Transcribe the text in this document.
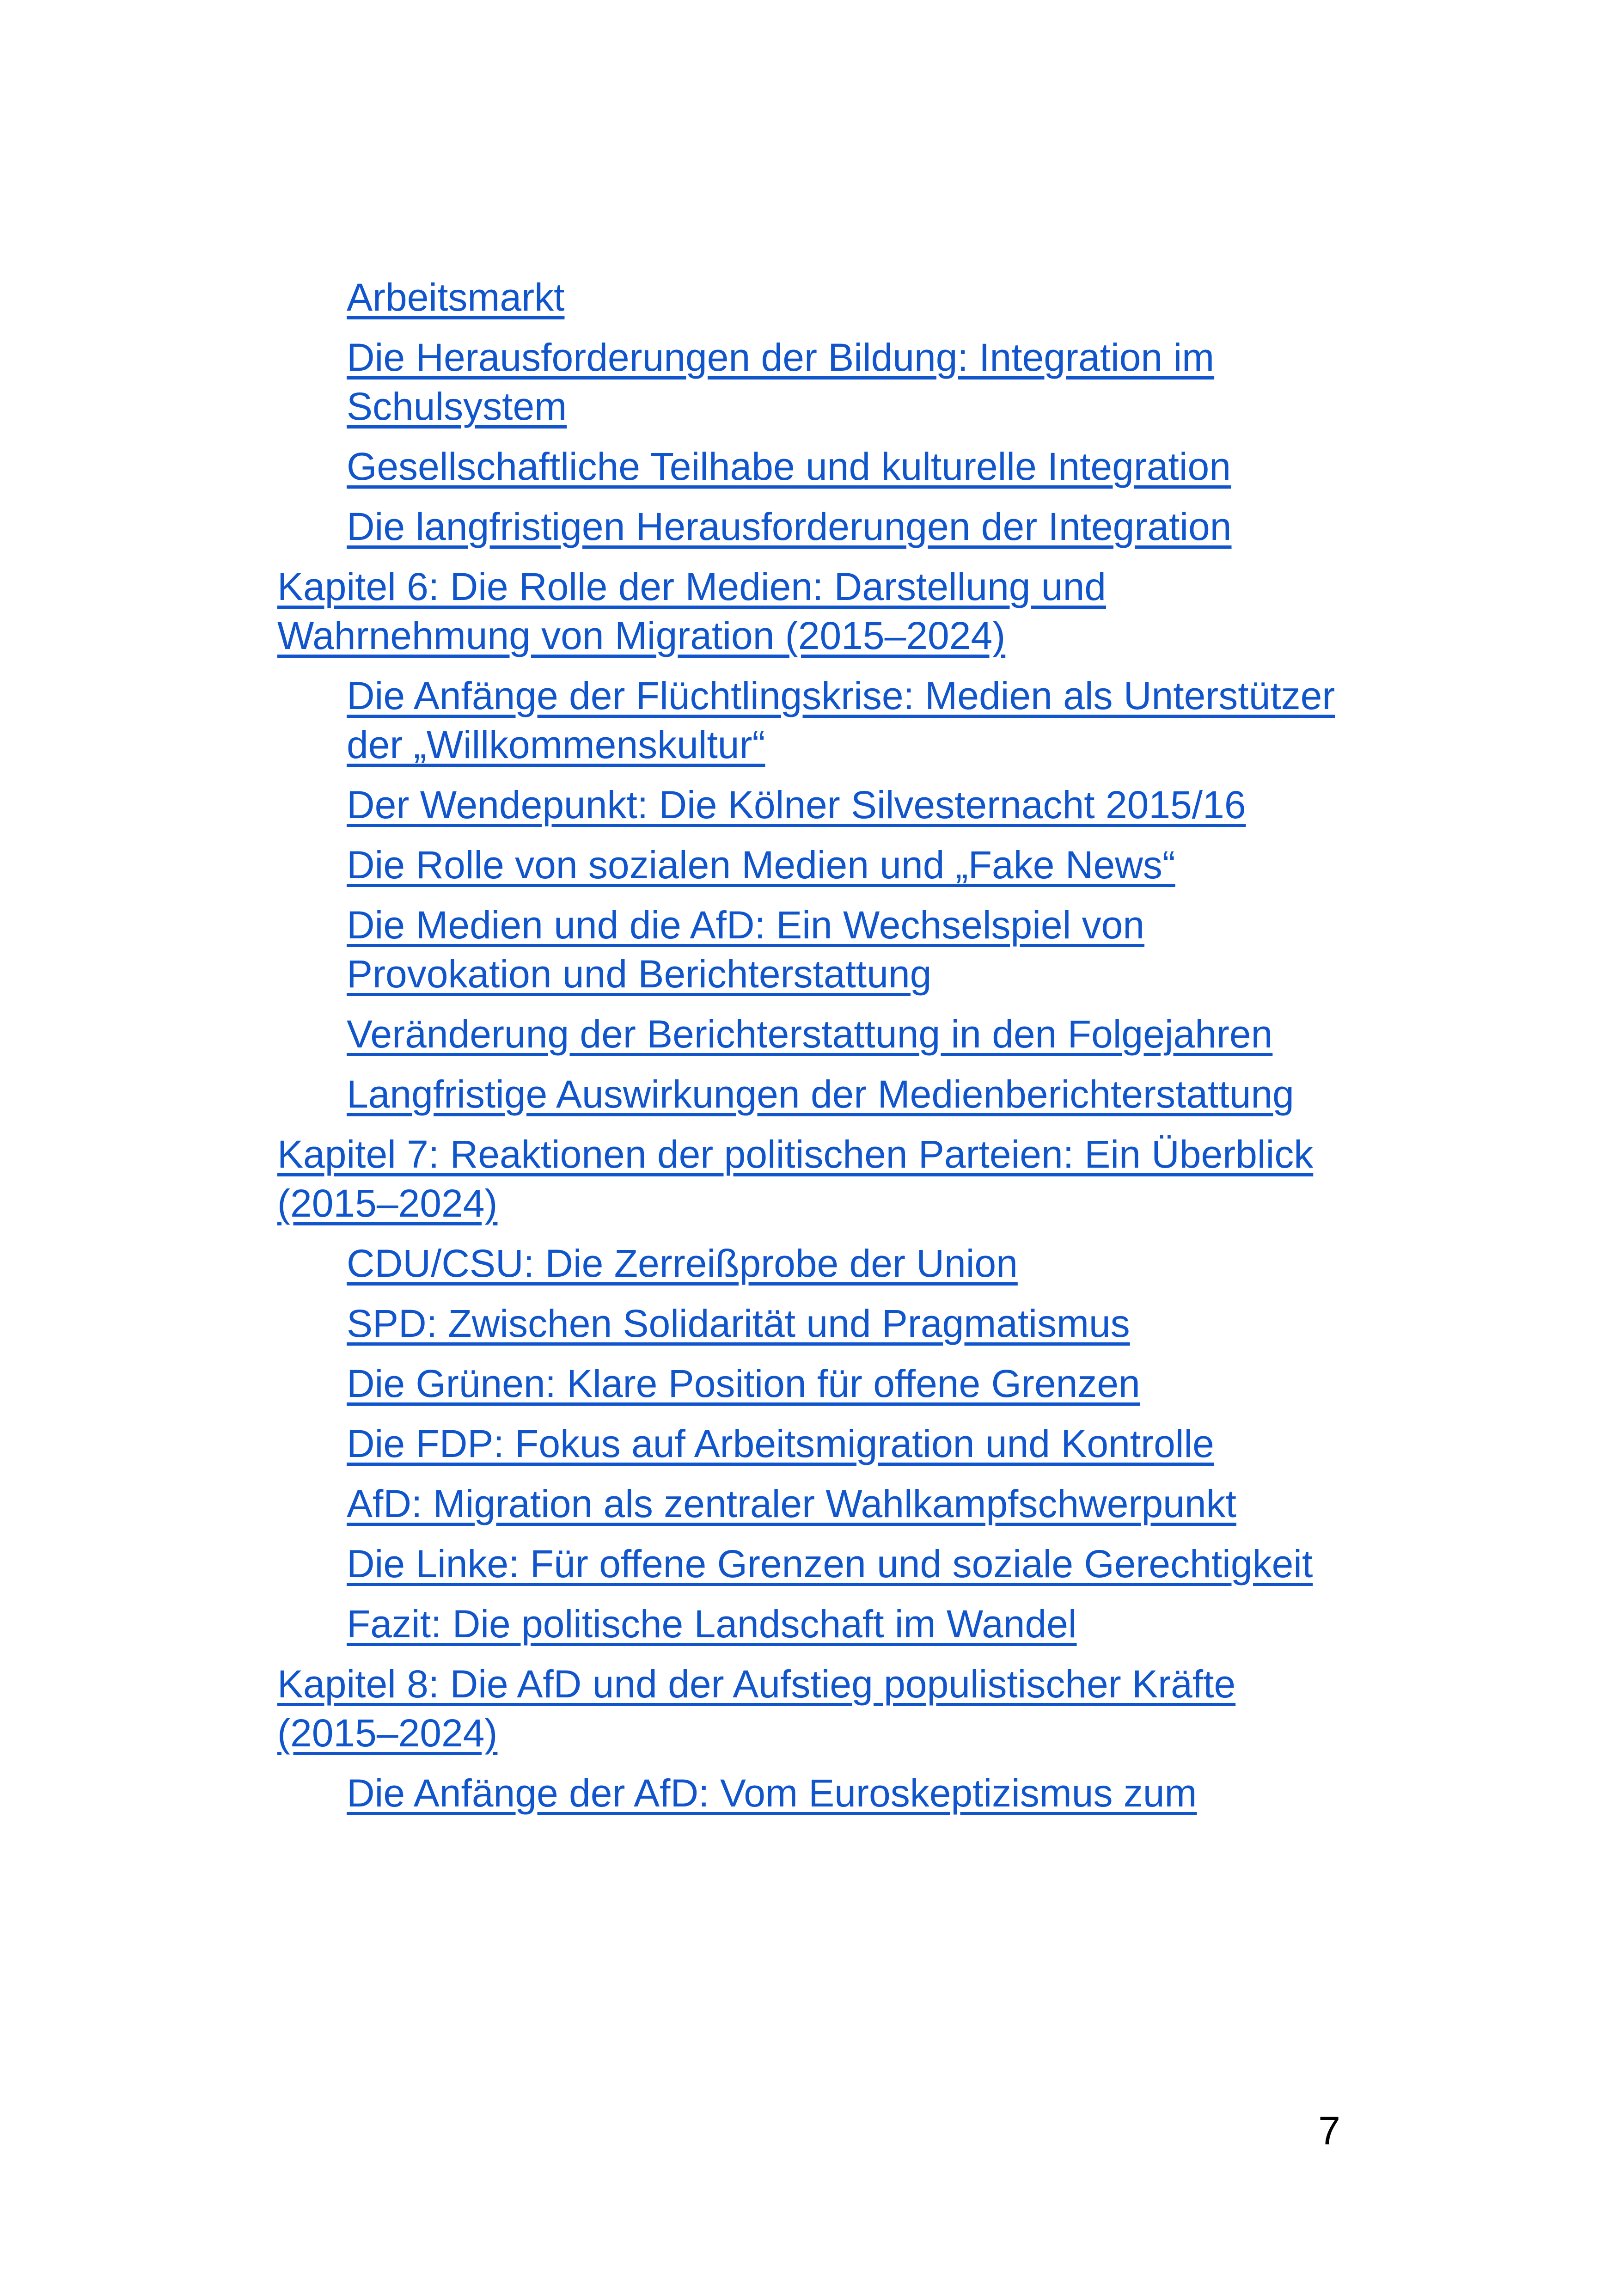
Arbeitsmarkt
Die Herausforderungen der Bildung: Integration im Schulsystem
Gesellschaftliche Teilhabe und kulturelle Integration
Die langfristigen Herausforderungen der Integration
Kapitel 6: Die Rolle der Medien: Darstellung und Wahrnehmung von Migration (2015–2024)
Die Anfänge der Flüchtlingskrise: Medien als Unterstützer der „Willkommenskultur“
Der Wendepunkt: Die Kölner Silvesternacht 2015/16
Die Rolle von sozialen Medien und „Fake News“
Die Medien und die AfD: Ein Wechselspiel von Provokation und Berichterstattung
Veränderung der Berichterstattung in den Folgejahren
Langfristige Auswirkungen der Medienberichterstattung
Kapitel 7: Reaktionen der politischen Parteien: Ein Überblick (2015–2024)
CDU/CSU: Die Zerreißprobe der Union
SPD: Zwischen Solidarität und Pragmatismus
Die Grünen: Klare Position für offene Grenzen
Die FDP: Fokus auf Arbeitsmigration und Kontrolle
AfD: Migration als zentraler Wahlkampfschwerpunkt
Die Linke: Für offene Grenzen und soziale Gerechtigkeit
Fazit: Die politische Landschaft im Wandel
Kapitel 8: Die AfD und der Aufstieg populistischer Kräfte (2015–2024)
Die Anfänge der AfD: Vom Euroskeptizismus zum
7
